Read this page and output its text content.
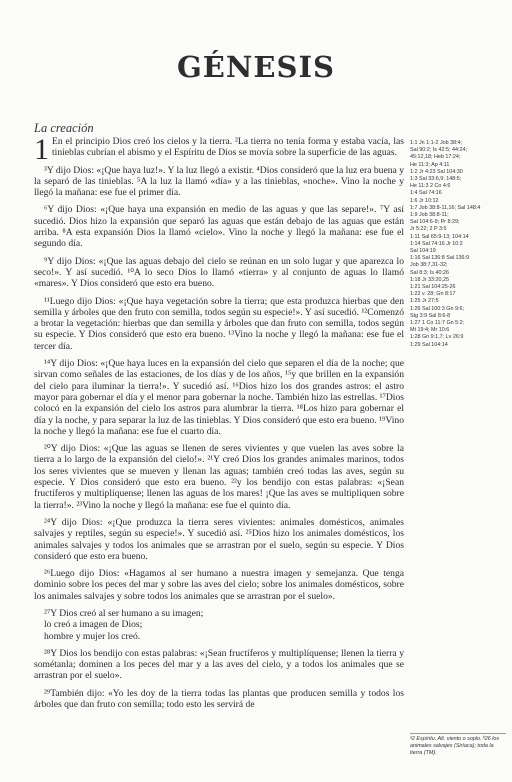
GÉNESIS
La creación

1 En el principio Dios creó los cielos y la tierra. ²La tierra no tenía forma y estaba vacía, las tinieblas cubrían el abismo y el Espíritu de Dios se movía sobre la superficie de las aguas.

³Y dijo Dios: «¡Que haya luz!». Y la luz llegó a existir. ⁴Dios consideró que la luz era buena y la separó de las tinieblas. ⁵A la luz la llamó «día» y a las tinieblas, «noche». Vino la noche y llegó la mañana: ese fue el primer día.

⁶Y dijo Dios: «¡Que haya una expansión en medio de las aguas y que las separe!». ⁷Y así sucedió. Dios hizo la expansión que separó las aguas que están debajo de las aguas que están arriba. ⁸A esta expansión Dios la llamó «cielo». Vino la noche y llegó la mañana: ese fue el segundo día.

⁹Y dijo Dios: «¡Que las aguas debajo del cielo se reúnan en un solo lugar y que aparezca lo seco!». Y así sucedió. ¹⁰A lo seco Dios lo llamó «tierra» y al conjunto de aguas lo llamó «mares». Y Dios consideró que esto era bueno.

¹¹Luego dijo Dios: «¡Que haya vegetación sobre la tierra; que esta produzca hierbas que den semilla y árboles que den fruto con semilla, todos según su especie!». Y así sucedió. ¹²Comenzó a brotar la vegetación: hierbas que dan semilla y árboles que dan fruto con semilla, todos según su especie. Y Dios consideró que esto era bueno. ¹³Vino la noche y llegó la mañana: ese fue el tercer día.

¹⁴Y dijo Dios: «¡Que haya luces en la expansión del cielo que separen el día de la noche; que sirvan como señales de las estaciones, de los días y de los años, ¹⁵y que brillen en la expansión del cielo para iluminar la tierra!». Y sucedió así. ¹⁶Dios hizo los dos grandes astros: el astro mayor para gobernar el día y el menor para gobernar la noche. También hizo las estrellas. ¹⁷Dios colocó en la expansión del cielo los astros para alumbrar la tierra. ¹⁸Los hizo para gobernar el día y la noche, y para separar la luz de las tinieblas. Y Dios consideró que esto era bueno. ¹⁹Vino la noche y llegó la mañana: ese fue el cuarto día.

²⁰Y dijo Dios: «¡Que las aguas se llenen de seres vivientes y que vuelen las aves sobre la tierra a lo largo de la expansión del cielo!». ²¹Y creó Dios los grandes animales marinos, todos los seres vivientes que se mueven y llenan las aguas; también creó todas las aves, según su especie. Y Dios consideró que esto era bueno. ²²y los bendijo con estas palabras: «¡Sean fructíferos y multiplíquense; llenen las aguas de los mares! ¡Que las aves se multipliquen sobre la tierra!». ²³Vino la noche y llegó la mañana: ese fue el quinto día.

²⁴Y dijo Dios: «¡Que produzca la tierra seres vivientes: animales domésticos, animales salvajes y reptiles, según su especie!». Y sucedió así. ²⁵Dios hizo los animales domésticos, los animales salvajes y todos los animales que se arrastran por el suelo, según su especie. Y Dios consideró que esto era bueno.

²⁶Luego dijo Dios: «Hagamos al ser humano a nuestra imagen y semejanza. Que tenga dominio sobre los peces del mar y sobre las aves del cielo; sobre los animales domésticos, sobre los animales salvajes y sobre todos los animales que se arrastran por el suelo».

²⁷Y Dios creó al ser humano a su imagen;

lo creó a imagen de Dios;

hombre y mujer los creó.

²⁸Y Dios los bendijo con estas palabras: «¡Sean fructíferos y multiplíquense; llenen la tierra y sométanla; dominen a los peces del mar y a las aves del cielo, y a todos los animales que se arrastran por el suelo».

²⁹También dijo: «Yo les doy de la tierra todas las plantas que producen semilla y todos los árboles que dan fruto con semilla; todo esto les servirá de

1:1 Jn 1:1-2 Job 38:4;
Sal 90:2; Is 42:5; 44:24;
45:12,18; Heb 17:24;
He 11:3; Ap 4:11
1:2 Jr 4:23 Sal 104:30
1:3 Sal 33:6,9; 148:5;
He 11:3 2 Co 4:6
1:4 Sal 74:16
1:6 Jr 10:12
1:7 Job 38:8-11,16; Sal 148:4
1:9 Job 38:8-11;
Sal 104:6-9; Pr 8:29;
Jr 5:22; 2 P 3:5
1:11 Sal 65:9-13; 104:14
1:14 Sal 74:16 Jr 10:2
Sal 104:19
1:16 Sal 136:8 Sal 136:9
Job 38:7,31-32;
Sal 8:3; Is 40:26
1:18 Jr 33:20,25
1:21 Sal 104:25-26
1:22 v. 28; Gn 8:17
1:25 Jr 27:5
1:26 Sal 100:3 Gn 9:6;
Stg 3:9 Sal 8:6-8
1:27 1 Co 11:7 Gn 5:2;
Mt 19:4; Mr 10:6
1:28 Gn 9:1,7; Lv 26:9
1:29 Sal 104:14
ᵃ2 Espíritu. Alt. viento o soplo. ᵇ26 los animales salvajes (Siríaca); toda la tierra (TM).
